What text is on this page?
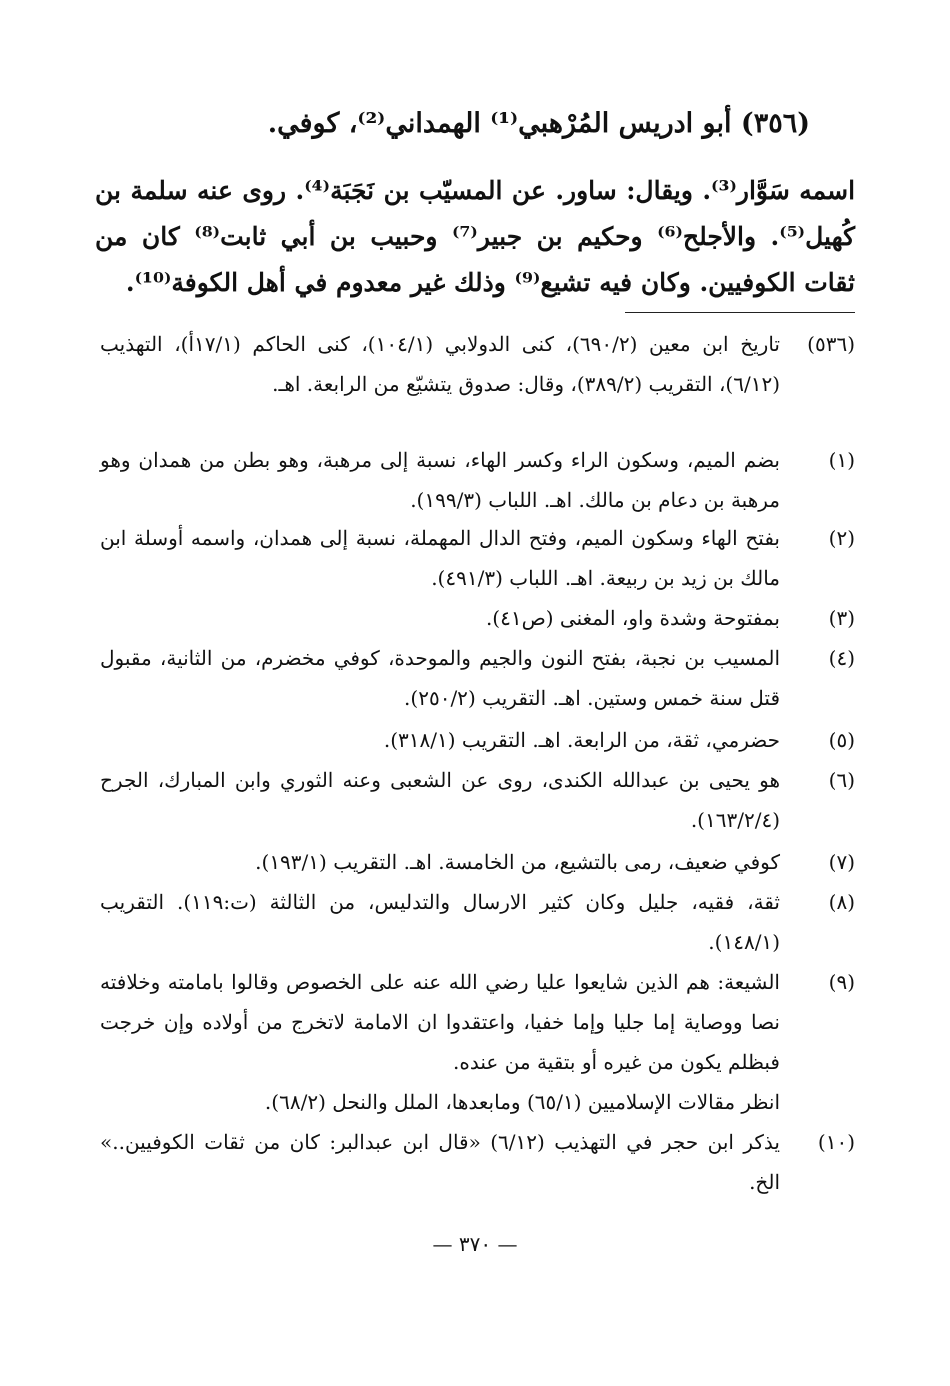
(٣٥٦) أبو ادريس المُرْهبي⁽¹⁾ الهمداني⁽²⁾، كوفي.
اسمه سَوَّار⁽³⁾. ويقال: ساور. عن المسيّب بن نَجَبَة⁽⁴⁾. روى عنه سلمة بن كُهيل⁽⁵⁾. والأجلح⁽⁶⁾ وحكيم بن جبير⁽⁷⁾ وحبيب بن أبي ثابت⁽⁸⁾ كان من ثقات الكوفيين. وكان فيه تشيع⁽⁹⁾ وذلك غير معدوم في أهل الكوفة⁽¹⁰⁾.
(٥٣٦)
تاريخ ابن معين (٦٩٠/٢)، كنى الدولابي (١٠٤/١)، كنى الحاكم (١٧/١أ)، التهذيب (٦/١٢)، التقريب (٣٨٩/٢)، وقال: صدوق يتشيّع من الرابعة. اهـ.
(١)
بضم الميم، وسكون الراء وكسر الهاء، نسبة إلى مرهبة، وهو بطن من همدان وهو مرهبة بن دعام بن مالك. اهـ. اللباب (١٩٩/٣).
(٢)
بفتح الهاء وسكون الميم، وفتح الدال المهملة، نسبة إلى همدان، واسمه أوسلة ابن مالك بن زيد بن ربيعة. اهـ. اللباب (٤٩١/٣).
(٣)
بمفتوحة وشدة واو، المغنى (ص٤١).
(٤)
المسيب بن نجبة، بفتح النون والجيم والموحدة، كوفي مخضرم، من الثانية، مقبول قتل سنة خمس وستين. اهـ. التقريب (٢٥٠/٢).
(٥)
حضرمي، ثقة، من الرابعة. اهـ. التقريب (٣١٨/١).
(٦)
هو يحيى بن عبدالله الكندى، روى عن الشعبى وعنه الثوري وابن المبارك، الجرح (١٦٣/٢/٤).
(٧)
كوفي ضعيف، رمى بالتشيع، من الخامسة. اهـ. التقريب (١٩٣/١).
(٨)
ثقة، فقيه، جليل وكان كثير الارسال والتدليس، من الثالثة (ت:١١٩). التقريب (١٤٨/١).
(٩)
الشيعة: هم الذين شايعوا عليا رضي الله عنه على الخصوص وقالوا بامامته وخلافته نصا ووصاية إما جليا وإما خفيا، واعتقدوا ان الامامة لاتخرج من أولاده وإن خرجت فبظلم يكون من غيره أو بتقية من عنده.
انظر مقالات الإسلاميين (٦٥/١) ومابعدها، الملل والنحل (٦٨/٢).
(١٠)
يذكر ابن حجر في التهذيب (٦/١٢) «قال ابن عبدالبر: كان من ثقات الكوفيين..» الخ.
— ٣٧٠ —
